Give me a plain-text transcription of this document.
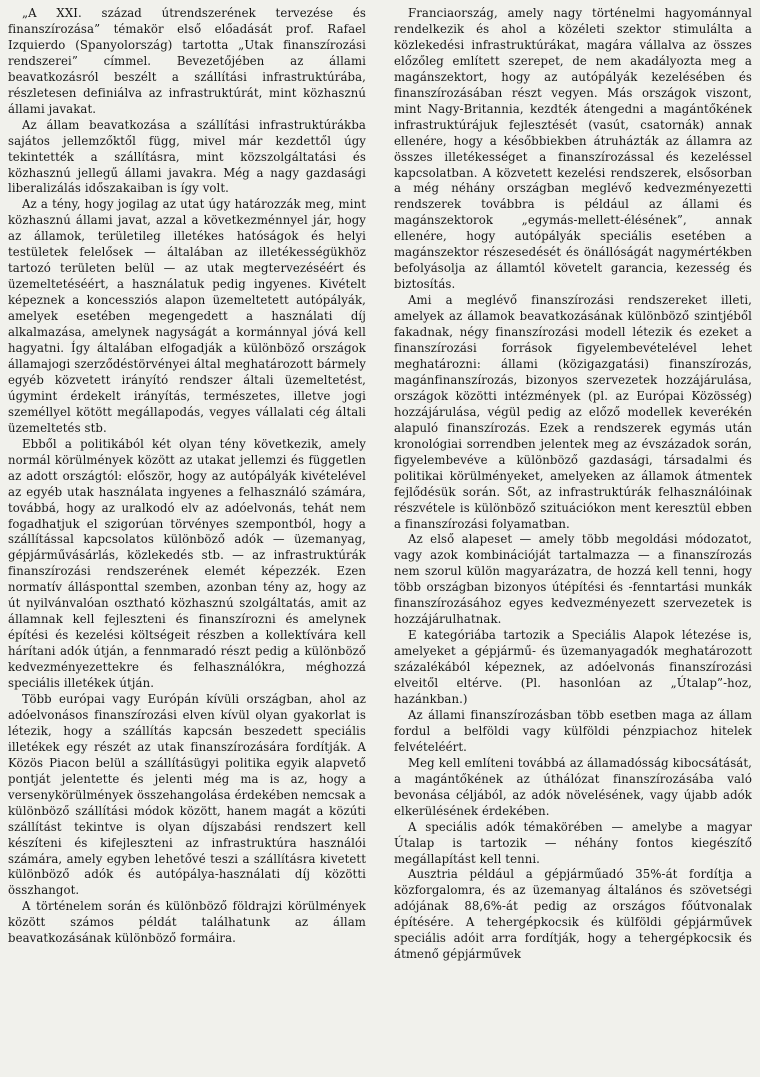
„A XXI. század útrendszerének tervezése és finanszírozása” témakör első előadását prof. Rafael Izquierdo (Spanyolország) tartotta „Utak finanszírozási rendszerei” címmel. Bevezetőjében az állami beavatkozásról beszélt a szállítási infrastruktúrába, részletesen definiálva az infrastruktúrát, mint közhasznú állami javakat.

Az állam beavatkozása a szállítási infrastruktúrákba sajátos jellemzőktől függ, mivel már kezdettől úgy tekintették a szállításra, mint közszolgáltatási és közhasznú jellegű állami javakra. Még a nagy gazdasági liberalizálás időszakaiban is így volt.

Az a tény, hogy jogilag az utat úgy határozzák meg, mint közhasznú állami javat, azzal a következménnyel jár, hogy az államok, területileg illetékes hatóságok és helyi testületek felelősek — általában az illetékességükhöz tartozó területen belül — az utak megtervezéséért és üzemeltetéséért, a használatuk pedig ingyenes. Kivételt képeznek a koncessziós alapon üzemeltetett autópályák, amelyek esetében megengedett a használati díj alkalmazása, amelynek nagyságát a kormánnyal jóvá kell hagyatni. Így általában elfogadják a különböző országok államajogi szerződéstörvényei által meghatározott bármely egyéb közvetett irányító rendszer általi üzemeltetést, úgymint érdekelt irányítás, természetes, illetve jogi személlyel kötött megállapodás, vegyes vállalati cég általi üzemeltetés stb.

Ebből a politikából két olyan tény következik, amely normál körülmények között az utakat jellemzi és független az adott országtól: először, hogy az autópályák kivételével az egyéb utak használata ingyenes a felhasználó számára, továbbá, hogy az uralkodó elv az adóelvonás, tehát nem fogadhatjuk el szigorúan törvényes szempontból, hogy a szállítással kapcsolatos különböző adók — üzemanyag, gépjárművásárlás, közlekedés stb. — az infrastruktúrák finanszírozási rendszerének elemét képezzék. Ezen normatív állásponttal szemben, azonban tény az, hogy az út nyilvánvalóan osztható közhasznú szolgáltatás, amit az államnak kell fejleszteni és finanszírozni és amelynek építési és kezelési költségeit részben a kollektívára kell hárítani adók útján, a fennmaradó részt pedig a különböző kedvezményezettekre és felhasználókra, méghozzá speciális illetékek útján.

Több európai vagy Európán kívüli országban, ahol az adóelvonásos finanszírozási elven kívül olyan gyakorlat is létezik, hogy a szállítás kapcsán beszedett speciális illetékek egy részét az utak finanszírozására fordítják. A Közös Piacon belül a szállításügyi politika egyik alapvető pontját jelentette és jelenti még ma is az, hogy a versenykörülmények összehangolása érdekében nemcsak a különböző szállítási módok között, hanem magát a közúti szállítást tekintve is olyan díjszabási rendszert kell készíteni és kifejleszteni az infrastruktúra használói számára, amely egyben lehetővé teszi a szállításra kivetett különböző adók és autópálya-használati díj közötti összhangot.

A történelem során és különböző földrajzi körülmények között számos példát találhatunk az állam beavatkozásának különböző formáira.

Franciaország, amely nagy történelmi hagyománnyal rendelkezik és ahol a közéleti szektor stimulálta a közlekedési infrastruktúrákat, magára vállalva az összes előzőleg említett szerepet, de nem akadályozta meg a magánszektort, hogy az autópályák kezelésében és finanszírozásában részt vegyen. Más országok viszont, mint Nagy-Britannia, kezdték átengedni a magántőkének infrastruktúrájuk fejlesztését (vasút, csatornák) annak ellenére, hogy a későbbiekben átruházták az államra az összes illetékességet a finanszírozással és kezeléssel kapcsolatban. A közvetett kezelési rendszerek, elsősorban a még néhány országban meglévő kedvezményezetti rendszerek továbbra is például az állami és magánszektorok „egymás-mellett-élésének”, annak ellenére, hogy autópályák speciális esetében a magánszektor részesedését és önállóságát nagymértékben befolyásolja az államtól követelt garancia, kezesség és biztosítás.

Ami a meglévő finanszírozási rendszereket illeti, amelyek az államok beavatkozásának különböző szintjéből fakadnak, négy finanszírozási modell létezik és ezeket a finanszírozási források figyelembevételével lehet meghatározni: állami (közigazgatási) finanszírozás, magánfinanszírozás, bizonyos szervezetek hozzájárulása, országok közötti intézmények (pl. az Európai Közösség) hozzájárulása, végül pedig az előző modellek keverékén alapuló finanszírozás. Ezek a rendszerek egymás után kronológiai sorrendben jelentek meg az évszázadok során, figyelembevéve a különböző gazdasági, társadalmi és politikai körülményeket, amelyeken az államok átmentek fejlődésük során. Sőt, az infrastruktúrák felhasználóinak részvétele is különböző szituációkon ment keresztül ebben a finanszírozási folyamatban.

Az első alapeset — amely több megoldási módozatot, vagy azok kombinációját tartalmazza — a finanszírozás nem szorul külön magyarázatra, de hozzá kell tenni, hogy több országban bizonyos útépítési és -fenntartási munkák finanszírozásához egyes kedvezményezett szervezetek is hozzájárulhatnak.

E kategóriába tartozik a Speciális Alapok létezése is, amelyeket a gépjármű- és üzemanyagadók meghatározott százalékából képeznek, az adóelvonás finanszírozási elveitől eltérve. (Pl. hasonlóan az „Útalap”-hoz, hazánkban.)

Az állami finanszírozásban több esetben maga az állam fordul a belföldi vagy külföldi pénzpiachoz hitelek felvételéért.

Meg kell említeni továbbá az államadósság kibocsátását, a magántőkének az úthálózat finanszírozásába való bevonása céljából, az adók növelésének, vagy újabb adók elkerülésének érdekében.

A speciális adók témakörében — amelybe a magyar Útalap is tartozik — néhány fontos kiegészítő megállapítást kell tenni.

Ausztria például a gépjárműadó 35%-át fordítja a közforgalomra, és az üzemanyag általános és szövetségi adójának 88,6%-át pedig az országos főútvonalak építésére. A tehergépkocsik és külföldi gépjárművek speciális adóit arra fordítják, hogy a tehergépkocsik és átmenő gépjárművek
